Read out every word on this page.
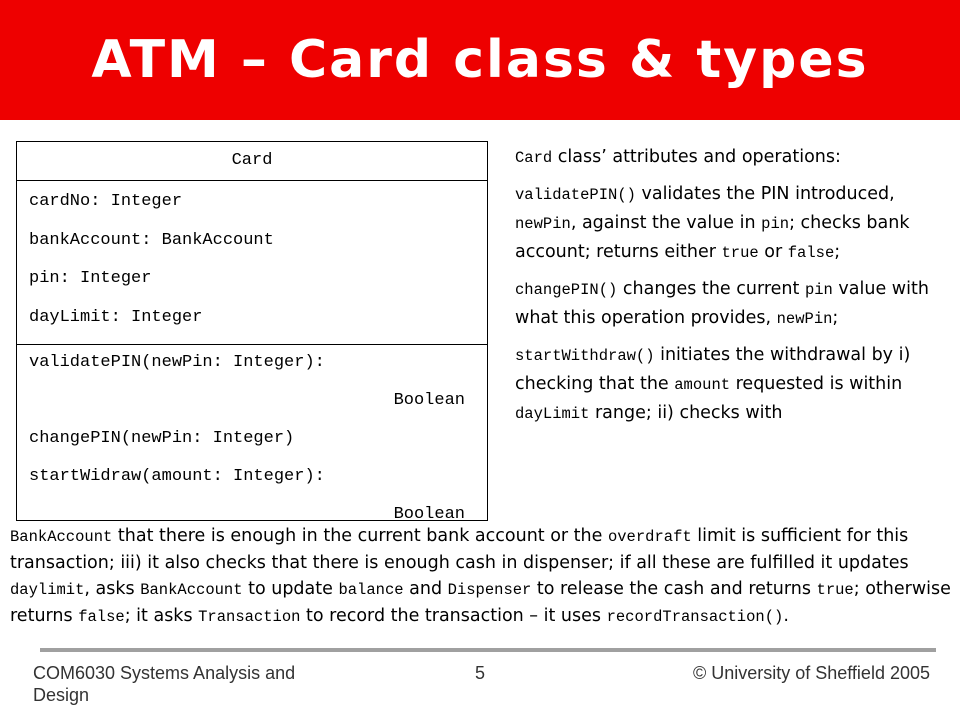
ATM – Card class & types
Card
cardNo: Integer
bankAccount: BankAccount
pin: Integer
dayLimit: Integer
validatePIN(newPin: Integer):
Boolean
changePIN(newPin: Integer)
startWidraw(amount: Integer):
Boolean

Card class’ attributes and operations:

validatePIN() validates the PIN introduced, newPin, against the value in pin; checks bank account; returns either true or false;

changePIN() changes the current pin value with what this operation provides, newPin;

startWithdraw() initiates the withdrawal by i) checking that the amount requested is within dayLimit range; ii) checks with

BankAccount that there is enough in the current bank account or the overdraft limit is sufficient for this transaction; iii) it also checks that there is enough cash in dispenser; if all these are fulfilled it updates daylimit, asks BankAccount to update balance and Dispenser to release the cash and returns true; otherwise returns false; it asks Transaction to record the transaction – it uses recordTransaction().
COM6030 Systems Analysis and Design
5	© University of Sheffield 2005
